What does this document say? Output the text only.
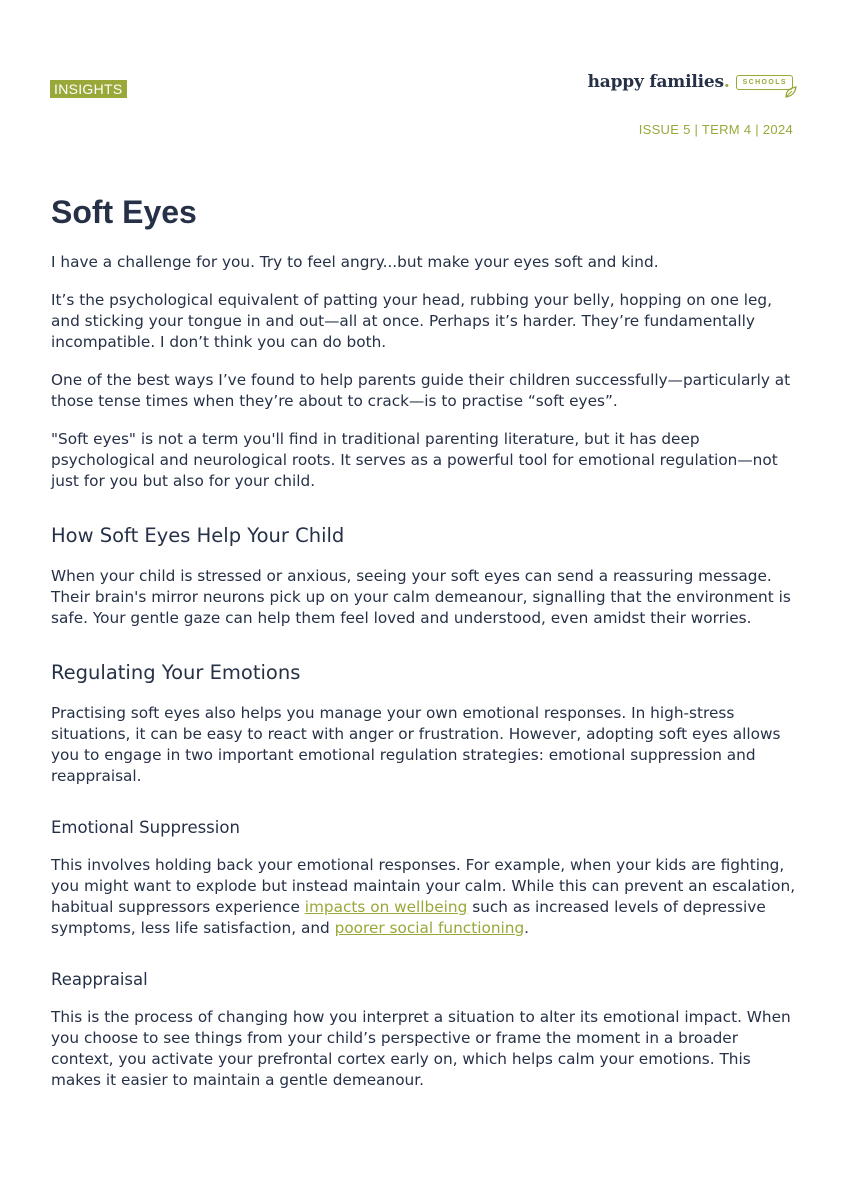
INSIGHTS	happy families.	SCHOOLS
ISSUE 5 | TERM 4 | 2024
Soft Eyes

I have a challenge for you. Try to feel angry...but make your eyes soft and kind.

It’s the psychological equivalent of patting your head, rubbing your belly, hopping on one leg, and sticking your tongue in and out—all at once. Perhaps it’s harder. They’re fundamentally incompatible. I don’t think you can do both.

One of the best ways I’ve found to help parents guide their children successfully—particularly at those tense times when they’re about to crack—is to practise “soft eyes”.

"Soft eyes" is not a term you'll find in traditional parenting literature, but it has deep psychological and neurological roots. It serves as a powerful tool for emotional regulation—not just for you but also for your child.

How Soft Eyes Help Your Child

When your child is stressed or anxious, seeing your soft eyes can send a reassuring message. Their brain's mirror neurons pick up on your calm demeanour, signalling that the environment is safe. Your gentle gaze can help them feel loved and understood, even amidst their worries.

Regulating Your Emotions

Practising soft eyes also helps you manage your own emotional responses. In high-stress situations, it can be easy to react with anger or frustration. However, adopting soft eyes allows you to engage in two important emotional regulation strategies: emotional suppression and reappraisal.

Emotional Suppression

This involves holding back your emotional responses. For example, when your kids are fighting, you might want to explode but instead maintain your calm. While this can prevent an escalation, habitual suppressors experience impacts on wellbeing such as increased levels of depressive symptoms, less life satisfaction, and poorer social functioning.

Reappraisal

This is the process of changing how you interpret a situation to alter its emotional impact. When you choose to see things from your child’s perspective or frame the moment in a broader context, you activate your prefrontal cortex early on, which helps calm your emotions. This makes it easier to maintain a gentle demeanour.
